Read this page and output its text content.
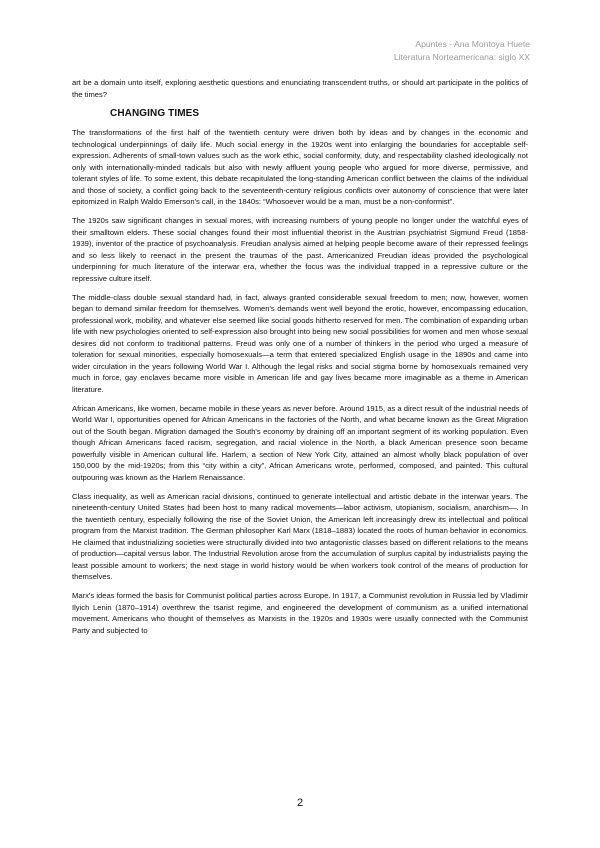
Apuntes - Ana Montoya Huete
Literatura Norteamericana: siglo XX

art be a domain unto itself, exploring aesthetic questions and enunciating transcendent truths, or should art participate in the politics of the times?

CHANGING TIMES

The transformations of the first half of the twentieth century were driven both by ideas and by changes in the economic and technological underpinnings of daily life. Much social energy in the 1920s went into enlarging the boundaries for acceptable self-expression. Adherents of small-town values such as the work ethic, social conformity, duty, and respectability clashed ideologically not only with internationally-minded radicals but also with newly affluent young people who argued for more diverse, permissive, and tolerant styles of life. To some extent, this debate recapitulated the long-standing American conflict between the claims of the individual and those of society, a conflict going back to the seventeenth-century religious conflicts over autonomy of conscience that were later epitomized in Ralph Waldo Emerson's call, in the 1840s: “Whosoever would be a man, must be a non-conformist”.

The 1920s saw significant changes in sexual mores, with increasing numbers of young people no longer under the watchful eyes of their smalltown elders. These social changes found their most influential theorist in the Austrian psychiatrist Sigmund Freud (1858-1939), inventor of the practice of psychoanalysis. Freudian analysis aimed at helping people become aware of their repressed feelings and so less likely to reenact in the present the traumas of the past. Americanized Freudian ideas provided the psychological underpinning for much literature of the interwar era, whether the focus was the individual trapped in a repressive culture or the repressive culture itself.

The middle-class double sexual standard had, in fact, always granted considerable sexual freedom to men; now, however, women began to demand similar freedom for themselves. Women's demands went well beyond the erotic, however, encompassing education, professional work, mobility, and whatever else seemed like social goods hitherto reserved for men. The combination of expanding urban life with new psychologies oriented to self-expression also brought into being new social possibilities for women and men whose sexual desires did not conform to traditional patterns. Freud was only one of a number of thinkers in the period who urged a measure of toleration for sexual minorities, especially homosexuals—a term that entered specialized English usage in the 1890s and came into wider circulation in the years following World War I. Although the legal risks and social stigma borne by homosexuals remained very much in force, gay enclaves became more visible in American life and gay lives became more imaginable as a theme in American literature.

African Americans, like women, became mobile in these years as never before. Around 1915, as a direct result of the industrial needs of World War I, opportunities opened for African Americans in the factories of the North, and what became known as the Great Migration out of the South began. Migration damaged the South's economy by draining off an important segment of its working population. Even though African Americans faced racism, segregation, and racial violence in the North, a black American presence soon became powerfully visible in American cultural life. Harlem, a section of New York City, attained an almost wholly black population of over 150,000 by the mid-1920s; from this “city within a city”, African Americans wrote, performed, composed, and painted. This cultural outpouring was known as the Harlem Renaissance.

Class inequality, as well as American racial divisions, continued to generate intellectual and artistic debate in the interwar years. The nineteenth-century United States had been host to many radical movements—labor activism, utopianism, socialism, anarchism—. In the twentieth century, especially following the rise of the Soviet Union, the American left increasingly drew its intellectual and political program from the Marxist tradition. The German philosopher Karl Marx (1818–1883) located the roots of human behavior in economics. He claimed that industrializing societies were structurally divided into two antagonistic classes based on different relations to the means of production—capital versus labor. The Industrial Revolution arose from the accumulation of surplus capital by industrialists paying the least possible amount to workers; the next stage in world history would be when workers took control of the means of production for themselves.

Marx's ideas formed the basis for Communist political parties across Europe. In 1917, a Communist revolution in Russia led by Vladimir Ilyich Lenin (1870–1914) overthrew the tsarist regime, and engineered the development of communism as a unified international movement. Americans who thought of themselves as Marxists in the 1920s and 1930s were usually connected with the Communist Party and subjected to

2
